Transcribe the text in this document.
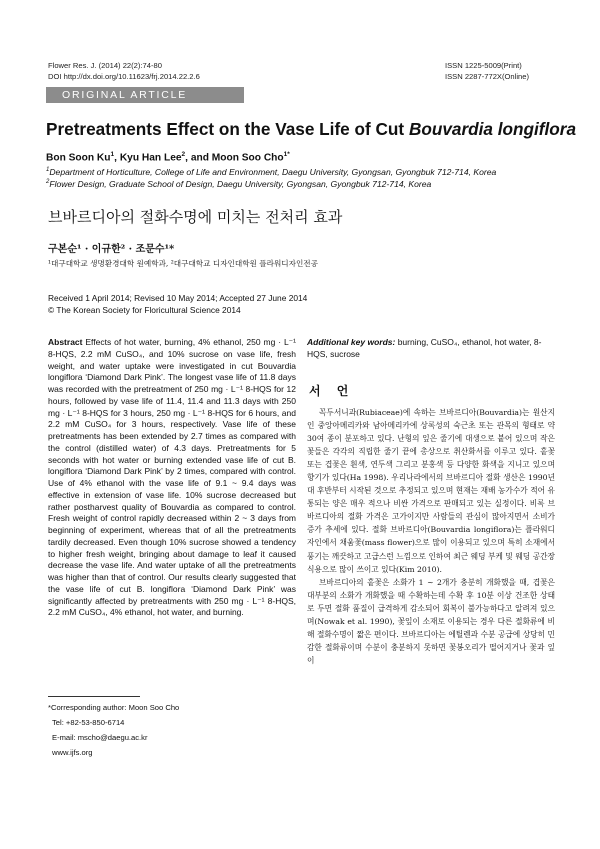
Flower Res. J. (2014) 22(2):74-80
DOI http://dx.doi.org/10.11623/frj.2014.22.2.6
ISSN 1225-5009(Print)
ISSN 2287-772X(Online)
ORIGINAL ARTICLE
Pretreatments Effect on the Vase Life of Cut Bouvardia longiflora
Bon Soon Ku$^1$, Kyu Han Lee$^2$, and Moon Soo Cho$^{1*}$
$^1$Department of Horticulture, College of Life and Environment, Daegu University, Gyongsan, Gyongbuk 712-714, Korea
$^2$Flower Design, Graduate School of Design, Daegu University, Gyongsan, Gyongbuk 712-714, Korea
브바르디아의 절화수명에 미치는 전처리 효과
구본순¹ · 이규한² · 조문수¹*
¹대구대학교 생명환경대학 원예학과, ²대구대학교 디자인대학원 플라워디자인전공
Received 1 April 2014; Revised 10 May 2014; Accepted 27 June 2014
© The Korean Society for Floricultural Science 2014
Abstract Effects of hot water, burning, 4% ethanol, 250 mg · L⁻¹ 8-HQS, 2.2 mM CuSO₄, and 10% sucrose on vase life, fresh weight, and water uptake were investigated in cut Bouvardia longiflora ‘Diamond Dark Pink’. The longest vase life of 11.8 days was recorded with the pretreatment of 250 mg · L⁻¹ 8-HQS for 12 hours, followed by vase life of 11.4, 11.4 and 11.3 days with 250 mg · L⁻¹ 8-HQS for 3 hours, 250 mg · L⁻¹ 8-HQS for 6 hours, and 2.2 mM CuSO₄ for 3 hours, respectively. Vase life of these pretreatments has been extended by 2.7 times as compared with the control (distilled water) of 4.3 days. Pretreatments for 5 seconds with hot water or burning extended vase life of cut B. longiflora ‘Diamond Dark Pink’ by 2 times, compared with control. Use of 4% ethanol with the vase life of 9.1 ~ 9.4 days was effective in extension of vase life. 10% sucrose decreased but rather postharvest quality of Bouvardia as compared to control. Fresh weight of control rapidly decreased within 2 ~ 3 days from beginning of experiment, whereas that of all the pretreatments tardily decreased. Even though 10% sucrose showed a tendency to higher fresh weight, bringing about damage to leaf it caused decrease the vase life. And water uptake of all the pretreatments was higher than that of control. Our results clearly suggested that the vase life of cut B. longiflora ‘Diamond Dark Pink’ was significantly affected by pretreatments with 250 mg · L⁻¹ 8-HQS, 2.2 mM CuSO₄, 4% ethanol, hot water, and burning.
Additional key words: burning, CuSO₄, ethanol, hot water, 8-HQS, sucrose
서 언

꼭두서니과(Rubiaceae)에 속하는 브바르디아(Bouvardia)는 원산지인 중앙아메리카와 남아메리카에 상록성의 숙근초 또는 관목의 형태로 약 30여 종이 분포하고 있다. 난형의 잎은 줄기에 대생으로 붙어 있으며 작은 꽃들은 각각의 직립한 줄기 끝에 총상으로 취산화서를 이루고 있다. 홑꽃 또는 겹꽃은 흰색, 연두색 그리고 분홍색 등 다양한 화색을 지니고 있으며 향기가 있다(Ha 1998). 우리나라에서의 브바르디아 절화 생산은 1990년대 후반부터 시작된 것으로 추정되고 있으며 현재는 재배 농가수가 적어 유통되는 양은 매우 적으나 비싼 가격으로 판매되고 있는 실정이다. 비록 브바르디아의 절화 가격은 고가이지만 사람들의 관심이 많아지면서 소비가 증가 추세에 있다. 절화 브바르디아(Bouvardia longiflora)는 플라워디자인에서 채움꽃(mass flower)으로 많이 이용되고 있으며 특히 소재에서 풍기는 깨끗하고 고급스런 느낌으로 인하여 최근 웨딩 부케 및 웨딩 공간장식용으로 많이 쓰이고 있다(Kim 2010).

브바르디아의 홑꽃은 소화가 1 ~ 2개가 충분히 개화했을 때, 겹꽃은 대부분의 소화가 개화했을 때 수확하는데 수확 후 10분 이상 건조한 상태로 두면 절화 품질이 급격하게 감소되어 회복이 불가능하다고 알려져 있으며(Nowak et al. 1990), 꽃잎이 소재로 이용되는 경우 다른 절화류에 비해 절화수명이 짧은 편이다. 브바르디아는 에틸렌과 수분 공급에 상당히 민감한 절화류이며 수분이 충분하지 못하면 꽃봉오리가 떨어지거나 꽃과 잎이

*Corresponding author: Moon Soo Cho
Tel: +82-53-850-6714
E-mail: mscho@daegu.ac.kr
www.ijfs.org
